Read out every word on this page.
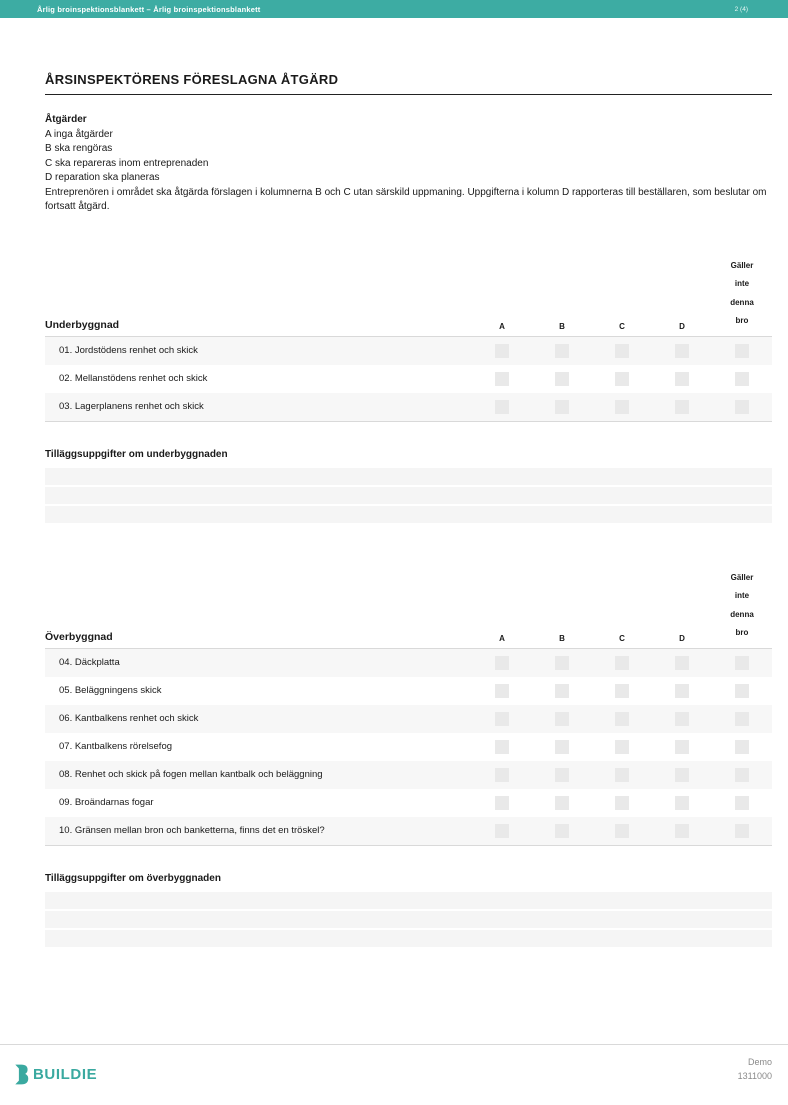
Årlig broinspektionsblankett – Årlig broinspektionsblankett	2 (4)
ÅRSINSPEKTÖRENS FÖRESLAGNA ÅTGÄRD
Åtgärder
A inga åtgärder
B ska rengöras
C ska repareras inom entreprenaden
D reparation ska planeras
Entreprenören i området ska åtgärda förslagen i kolumnerna B och C utan särskild uppmaning. Uppgifterna i kolumn D rapporteras till beställaren, som beslutar om fortsatt åtgärd.
Underbyggnad	A	B	C	D
Gäller
inte
denna
bro
01. Jordstödens renhet och skick
02. Mellanstödens renhet och skick
03. Lagerplanens renhet och skick
Tilläggsuppgifter om underbyggnaden
Överbyggnad	A	B	C	D
Gäller
inte
denna
bro
04. Däckplatta
05. Beläggningens skick
06. Kantbalkens renhet och skick
07. Kantbalkens rörelsefog
08. Renhet och skick på fogen mellan kantbalk och beläggning
09. Broändarnas fogar
10. Gränsen mellan bron och banketterna, finns det en tröskel?
Tilläggsuppgifter om överbyggnaden
BUILDIE
Demo
1311000
